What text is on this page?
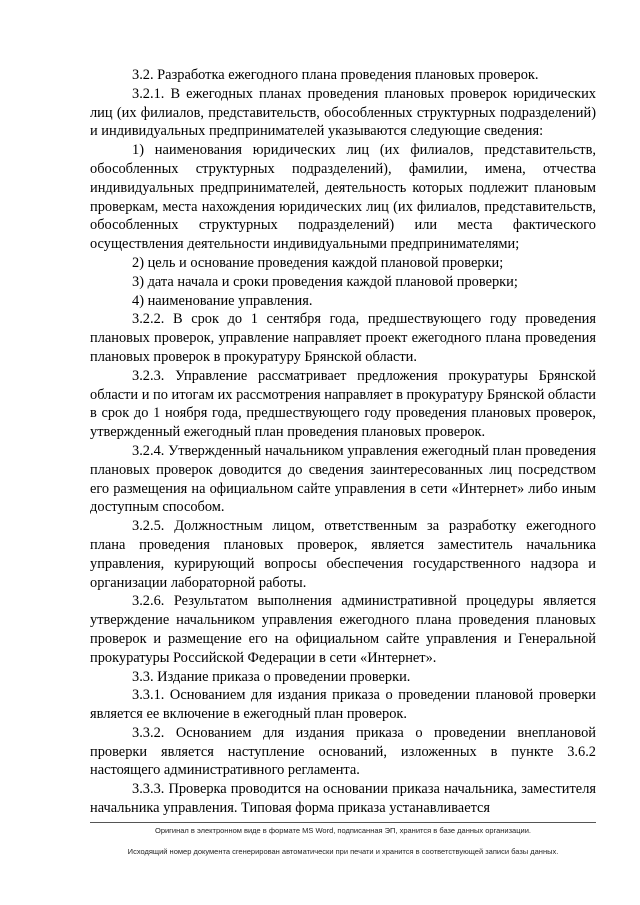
3.2. Разработка ежегодного плана проведения плановых проверок.

3.2.1. В ежегодных планах проведения плановых проверок юридических лиц (их филиалов, представительств, обособленных структурных подразделений) и индивидуальных предпринимателей указываются следующие сведения:

1) наименования юридических лиц (их филиалов, представительств, обособленных структурных подразделений), фамилии, имена, отчества индивидуальных предпринимателей, деятельность которых подлежит плановым проверкам, места нахождения юридических лиц (их филиалов, представительств, обособленных структурных подразделений) или места фактического осуществления деятельности индивидуальными предпринимателями;

2) цель и основание проведения каждой плановой проверки;

3) дата начала и сроки проведения каждой плановой проверки;

4) наименование управления.

3.2.2. В срок до 1 сентября года, предшествующего году проведения плановых проверок, управление направляет проект ежегодного плана проведения плановых проверок в прокуратуру Брянской области.

3.2.3. Управление рассматривает предложения прокуратуры Брянской области и по итогам их рассмотрения направляет в прокуратуру Брянской области в срок до 1 ноября года, предшествующего году проведения плановых проверок, утвержденный ежегодный план проведения плановых проверок.

3.2.4. Утвержденный начальником управления ежегодный план проведения плановых проверок доводится до сведения заинтересованных лиц посредством его размещения на официальном сайте управления в сети «Интернет» либо иным доступным способом.

3.2.5. Должностным лицом, ответственным за разработку ежегодного плана проведения плановых проверок, является заместитель начальника управления, курирующий вопросы обеспечения государственного надзора и организации лабораторной работы.

3.2.6. Результатом выполнения административной процедуры является утверждение начальником управления ежегодного плана проведения плановых проверок и размещение его на официальном сайте управления и Генеральной прокуратуры Российской Федерации в сети «Интернет».

3.3. Издание приказа о проведении проверки.

3.3.1. Основанием для издания приказа о проведении плановой проверки является ее включение в ежегодный план проверок.

3.3.2. Основанием для издания приказа о проведении внеплановой проверки является наступление оснований, изложенных в пункте 3.6.2 настоящего административного регламента.

3.3.3. Проверка проводится на основании приказа начальника, заместителя начальника управления. Типовая форма приказа устанавливается

Оригинал в электронном виде в формате MS Word, подписанная ЭП, хранится в базе данных организации.
Исходящий номер документа сгенерирован автоматически при печати и хранится в соответствующей записи базы данных.
